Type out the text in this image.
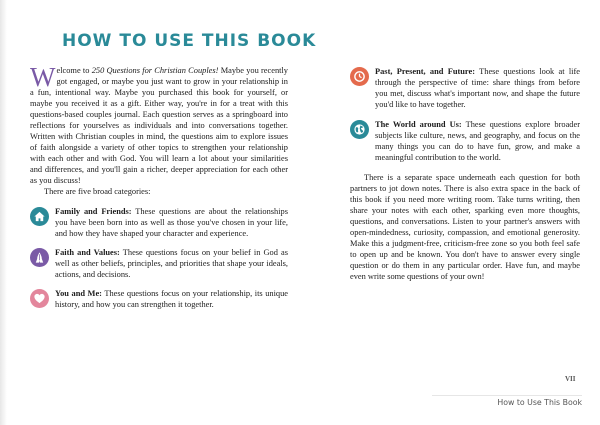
HOW TO USE THIS BOOK

Welcome to 250 Questions for Christian Couples! Maybe you recently got engaged, or maybe you just want to grow in your relationship in a fun, intentional way. Maybe you purchased this book for yourself, or maybe you received it as a gift. Either way, you're in for a treat with this questions-based couples journal. Each question serves as a springboard into reflections for yourselves as individuals and into conversations together. Written with Christian couples in mind, the questions aim to explore issues of faith alongside a variety of other topics to strengthen your relationship with each other and with God. You will learn a lot about your similarities and differences, and you'll gain a richer, deeper appreciation for each other as you discuss!

There are five broad categories:

Family and Friends: These questions are about the relationships you have been born into as well as those you've chosen in your life, and how they have shaped your character and experience.
Faith and Values: These questions focus on your belief in God as well as other beliefs, principles, and priorities that shape your ideals, actions, and decisions.
You and Me: These questions focus on your relationship, its unique history, and how you can strengthen it together.
Past, Present, and Future: These questions look at life through the perspective of time: share things from before you met, discuss what's important now, and shape the future you'd like to have together.
The World around Us: These questions explore broader subjects like culture, news, and geography, and focus on the many things you can do to have fun, grow, and make a meaningful contribution to the world.

There is a separate space underneath each question for both partners to jot down notes. There is also extra space in the back of this book if you need more writing room. Take turns writing, then share your notes with each other, sparking even more thoughts, questions, and conversations. Listen to your partner's answers with open-mindedness, curiosity, compassion, and emotional generosity. Make this a judgment-free, criticism-free zone so you both feel safe to open up and be known. You don't have to answer every single question or do them in any particular order. Have fun, and maybe even write some questions of your own!

VII
How to Use This Book
